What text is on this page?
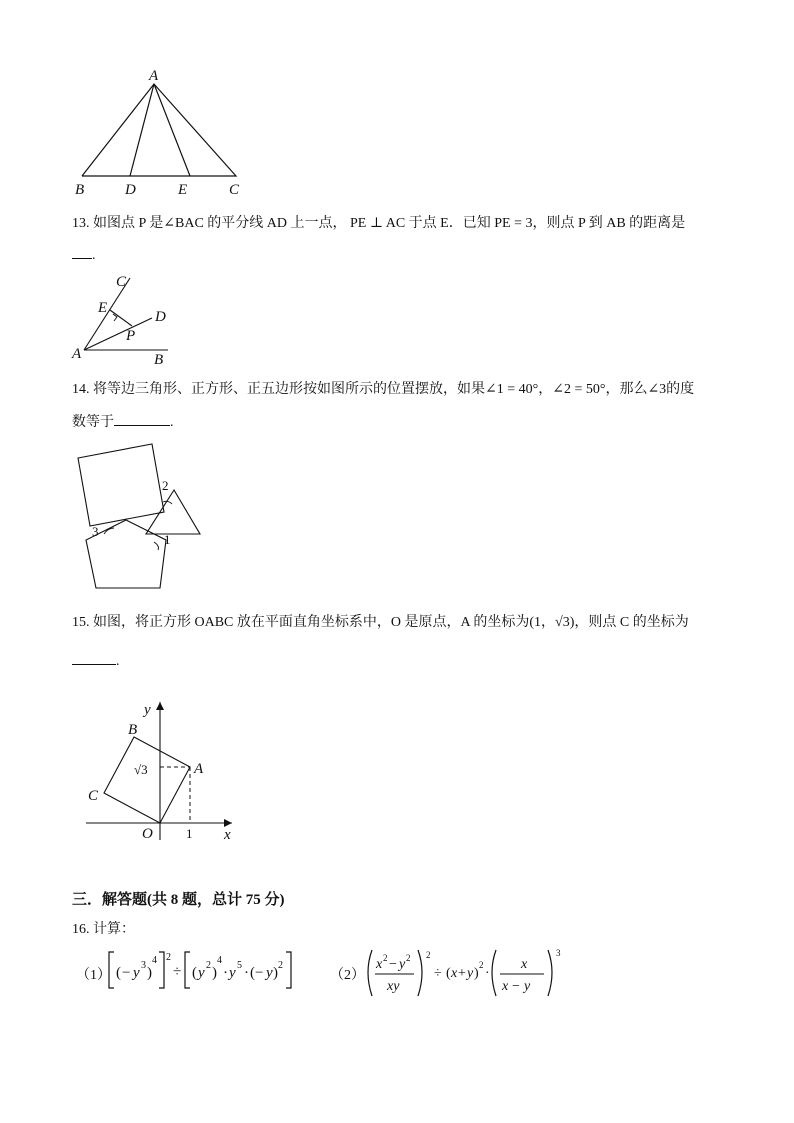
A
B	D	E	C
13. 如图点 P 是∠BAC 的平分线 AD 上一点， PE ⊥ AC 于点 E．已知 PE = 3，则点 P 到 AB 的距离是
.
C
E
D
P
A	B
14. 将等边三角形、正方形、正五边形按如图所示的位置摆放，如果∠1 = 40°，∠2 = 50°，那么∠3的度
数等于	.
2
3
1
15. 如图，将正方形 OABC 放在平面直角坐标系中，O 是原点，A 的坐标为(1，√3)，则点 C 的坐标为
.
y
B
A
√3
C
O	1 x
三．解答题(共 8 题，总计 75 分)
16. 计算：
（1） ( − y 3 )
4 2
÷ ( y 2 )
4
· y 5 · (− y ) 2
（2）
x 2 − y 2
xy
2
÷ ( x + y )
2
·
x
x − y
3
